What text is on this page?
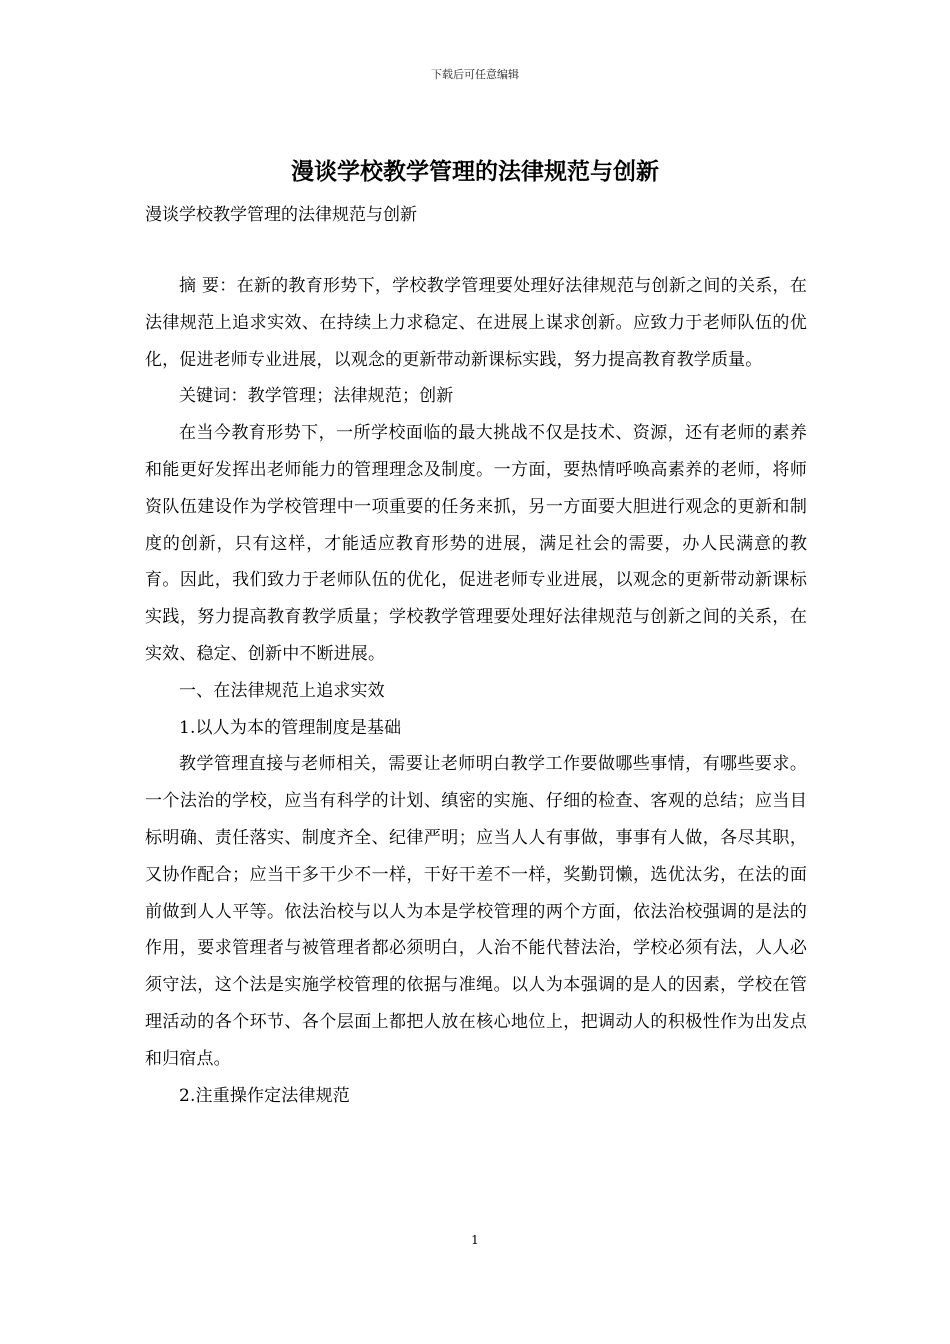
下载后可任意编辑
漫谈学校教学管理的法律规范与创新
漫谈学校教学管理的法律规范与创新

摘 要：在新的教育形势下，学校教学管理要处理好法律规范与创新之间的关系，在法律规范上追求实效、在持续上力求稳定、在进展上谋求创新。应致力于老师队伍的优化，促进老师专业进展，以观念的更新带动新课标实践，努力提高教育教学质量。

关键词：教学管理；法律规范；创新

在当今教育形势下，一所学校面临的最大挑战不仅是技术、资源，还有老师的素养和能更好发挥出老师能力的管理理念及制度。一方面，要热情呼唤高素养的老师，将师资队伍建设作为学校管理中一项重要的任务来抓，另一方面要大胆进行观念的更新和制度的创新，只有这样，才能适应教育形势的进展，满足社会的需要，办人民满意的教育。因此，我们致力于老师队伍的优化，促进老师专业进展，以观念的更新带动新课标实践，努力提高教育教学质量；学校教学管理要处理好法律规范与创新之间的关系，在实效、稳定、创新中不断进展。

一、在法律规范上追求实效

1.以人为本的管理制度是基础

教学管理直接与老师相关，需要让老师明白教学工作要做哪些事情，有哪些要求。一个法治的学校，应当有科学的计划、缜密的实施、仔细的检查、客观的总结；应当目标明确、责任落实、制度齐全、纪律严明；应当人人有事做，事事有人做，各尽其职，又协作配合；应当干多干少不一样，干好干差不一样，奖勤罚懒，选优汰劣，在法的面前做到人人平等。依法治校与以人为本是学校管理的两个方面，依法治校强调的是法的作用，要求管理者与被管理者都必须明白，人治不能代替法治，学校必须有法，人人必须守法，这个法是实施学校管理的依据与准绳。以人为本强调的是人的因素，学校在管理活动的各个环节、各个层面上都把人放在核心地位上，把调动人的积极性作为出发点和归宿点。

2.注重操作定法律规范

1
